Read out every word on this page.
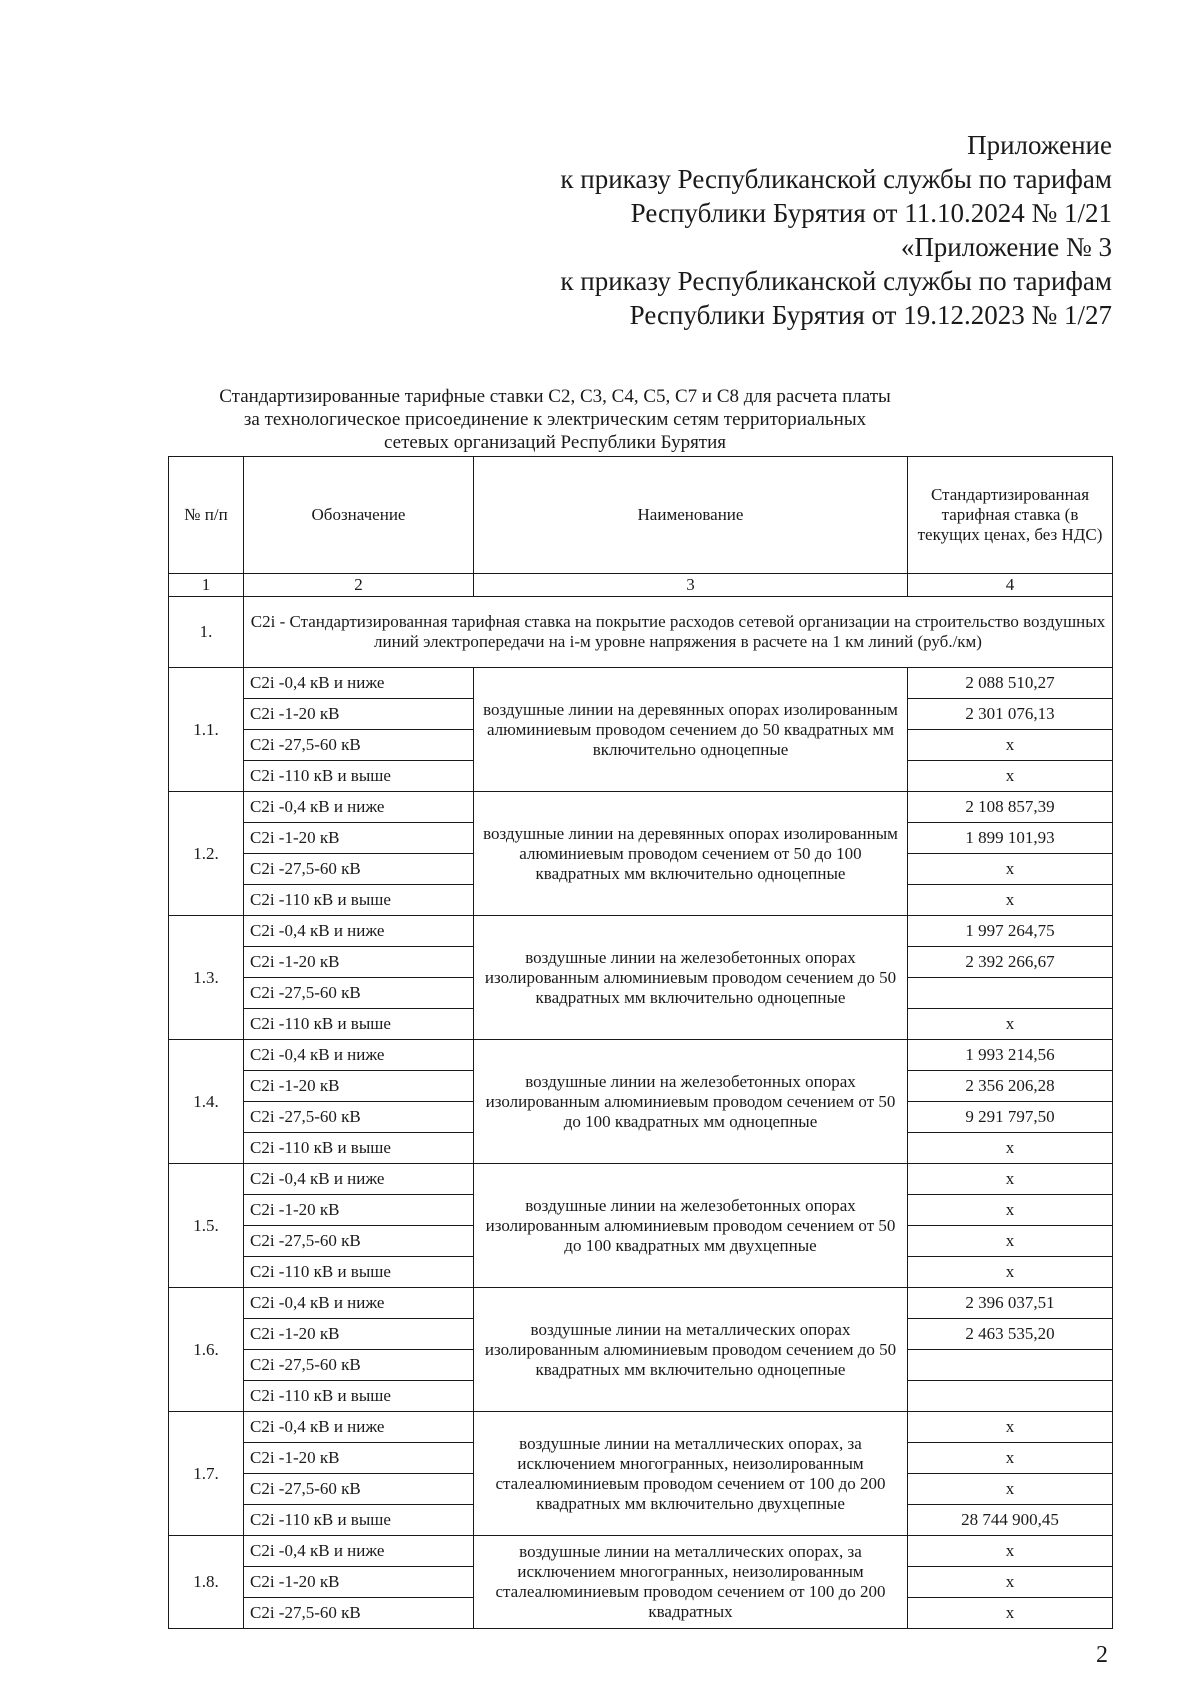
Приложение
к приказу Республиканской службы по тарифам
Республики Бурятия от 11.10.2024 № 1/21
«Приложение № 3
к приказу Республиканской службы по тарифам
Республики Бурятия от 19.12.2023 № 1/27
Стандартизированные тарифные ставки С2, С3, С4, С5, С7 и С8 для расчета платы
за технологическое присоединение к электрическим сетям территориальных
сетевых организаций Республики Бурятия
№ п/п	Обозначение	Наименование	Стандартизированная тарифная ставка (в текущих ценах, без НДС)
1	2	3	4
1.	C2i - Стандартизированная тарифная ставка на покрытие расходов сетевой организации на строительство воздушных линий электропередачи на i-м уровне напряжения в расчете на 1 км линий (руб./км)		
1.1.	C2i -0,4 кВ и ниже	воздушные линии на деревянных опорах изолированным алюминиевым проводом сечением до 50 квадратных мм включительно одноцепные	2 088 510,27
	C2i -1-20 кВ		2 301 076,13
	C2i -27,5-60 кВ		x
	C2i -110 кВ и выше		x
1.2.	C2i -0,4 кВ и ниже	воздушные линии на деревянных опорах изолированным алюминиевым проводом сечением от 50 до 100 квадратных мм включительно одноцепные	2 108 857,39
	C2i -1-20 кВ		1 899 101,93
	C2i -27,5-60 кВ		x
	C2i -110 кВ и выше		x
1.3.	C2i -0,4 кВ и ниже	воздушные линии на железобетонных опорах изолированным алюминиевым проводом сечением до 50 квадратных мм включительно одноцепные	1 997 264,75
	C2i -1-20 кВ		2 392 266,67
	C2i -27,5-60 кВ		
	C2i -110 кВ и выше		x
1.4.	C2i -0,4 кВ и ниже	воздушные линии на железобетонных опорах изолированным алюминиевым проводом сечением от 50 до 100 квадратных мм одноцепные	1 993 214,56
	C2i -1-20 кВ		2 356 206,28
	C2i -27,5-60 кВ		9 291 797,50
	C2i -110 кВ и выше		x
1.5.	C2i -0,4 кВ и ниже	воздушные линии на железобетонных опорах изолированным алюминиевым проводом сечением от 50 до 100 квадратных мм двухцепные	x
	C2i -1-20 кВ		x
	C2i -27,5-60 кВ		x
	C2i -110 кВ и выше		x
1.6.	C2i -0,4 кВ и ниже	воздушные линии на металлических опорах изолированным алюминиевым проводом сечением до 50 квадратных мм включительно одноцепные	2 396 037,51
	C2i -1-20 кВ		2 463 535,20
	C2i -27,5-60 кВ		
	C2i -110 кВ и выше		
1.7.	C2i -0,4 кВ и ниже	воздушные линии на металлических опорах, за исключением многогранных, неизолированным сталеалюминиевым проводом сечением от 100 до 200 квадратных мм включительно двухцепные	x
	C2i -1-20 кВ		x
	C2i -27,5-60 кВ		x
	C2i -110 кВ и выше		28 744 900,45
1.8.	C2i -0,4 кВ и ниже	воздушные линии на металлических опорах, за исключением многогранных, неизолированным сталеалюминиевым проводом сечением от 100 до 200 квадратных	x
	C2i -1-20 кВ		x
	C2i -27,5-60 кВ		x
2
